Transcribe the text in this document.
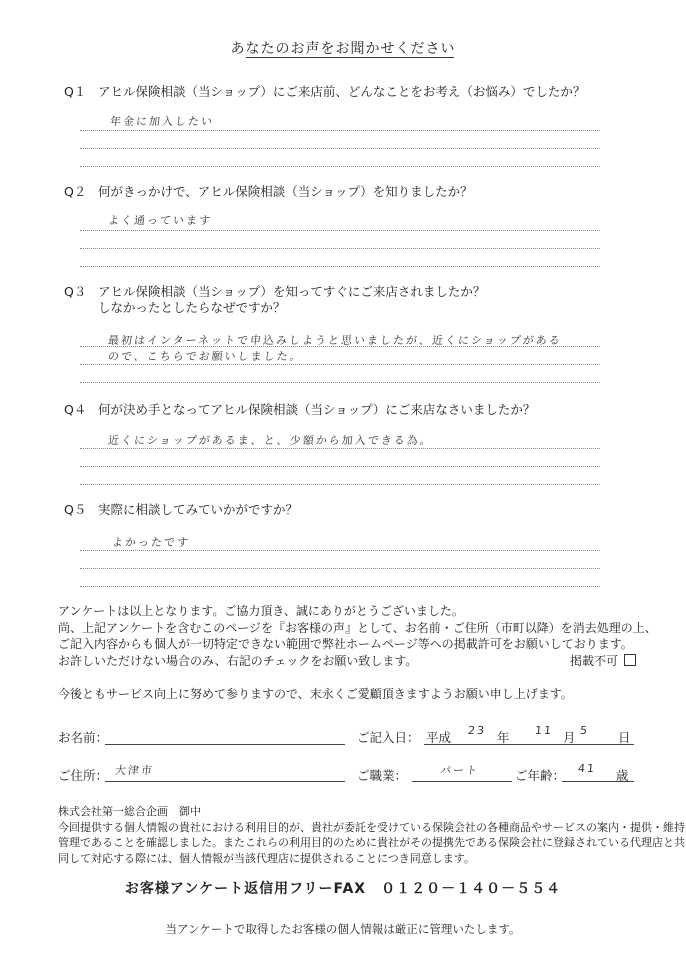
あなたのお声をお聞かせください
Q１ アヒル保険相談（当ショップ）にご来店前、どんなことをお考え（お悩み）でしたか？
年金に加入したい
Q２ 何がきっかけで、アヒル保険相談（当ショップ）を知りましたか？
よく通っています
Q３ アヒル保険相談（当ショップ）を知ってすぐにご来店されましたか？
しなかったとしたらなぜですか？
最初はインターネットで申込みしようと思いましたが、近くにショップがある
ので、こちらでお願いしました。
Q４ 何が決め手となってアヒル保険相談（当ショップ）にご来店なさいましたか？
近くにショップがあるま、と、少額から加入できる為。
Q５ 実際に相談してみていかがですか？
よかったです
アンケートは以上となります。ご協力頂き、誠にありがとうございました。
尚、上記アンケートを含むこのページを『お客様の声』として、お名前・ご住所（市町以降）を消去処理の上、
ご記入内容からも個人が一切特定できない範囲で弊社ホームページ等への掲載許可をお願いしております。
お許しいただけない場合のみ、右記のチェックをお願い致します。	掲載不可
今後ともサービス向上に努めて参りますので、末永くご愛顧頂きますようお願い申し上げます。
お名前：	ご記入日： 平成 23 年 11 月 5 日
ご住所： 大津市	ご職業：	パート	ご年齢： 41 歳
株式会社第一総合企画　御中
今回提供する個人情報の貴社における利用目的が、貴社が委託を受けている保険会社の各種商品やサービスの案内・提供・維持
管理であることを確認しました。またこれらの利用目的のために貴社がその提携先である保険会社に登録されている代理店と共
同して対応する際には、個人情報が当該代理店に提供されることにつき同意します。
お客様アンケート返信用フリーFAX　０１２０－１４０－５５４
当アンケートで取得したお客様の個人情報は厳正に管理いたします。
